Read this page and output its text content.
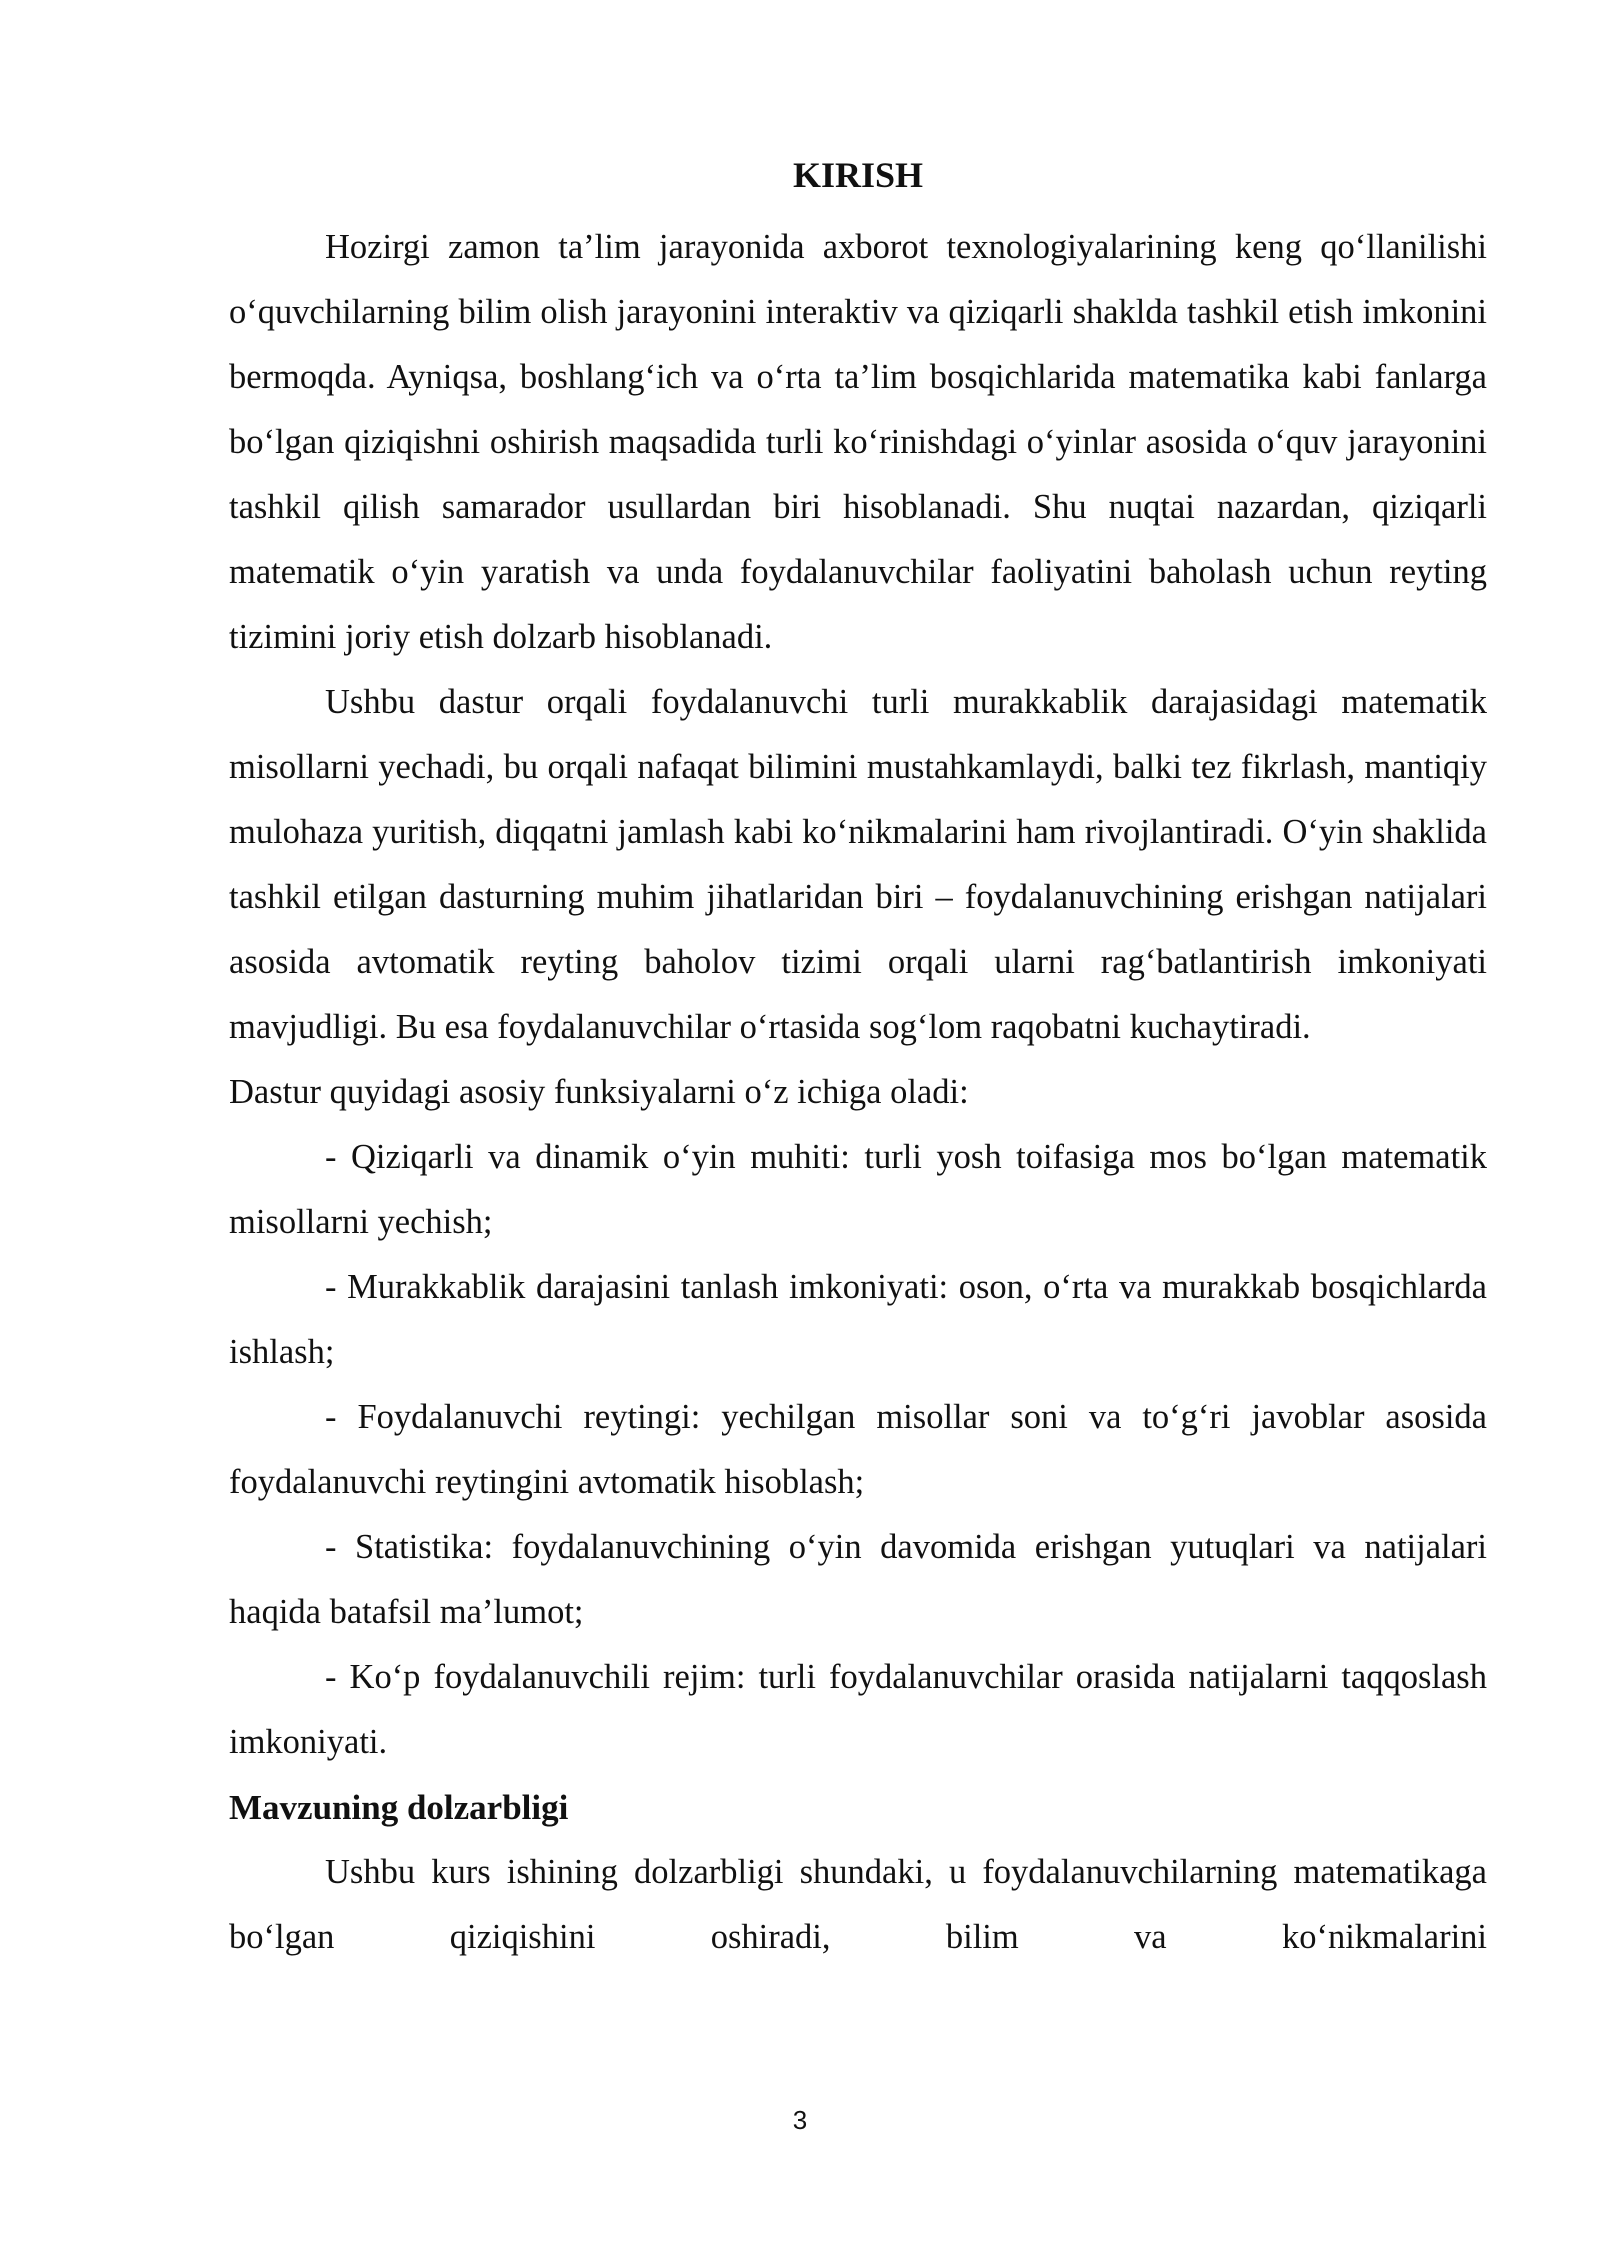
KIRISH

Hozirgi zamon ta’lim jarayonida axborot texnologiyalarining keng qo‘llanilishi o‘quvchilarning bilim olish jarayonini interaktiv va qiziqarli shaklda tashkil etish imkonini bermoqda. Ayniqsa, boshlang‘ich va o‘rta ta’lim bosqichlarida matematika kabi fanlarga bo‘lgan qiziqishni oshirish maqsadida turli ko‘rinishdagi o‘yinlar asosida o‘quv jarayonini tashkil qilish samarador usullardan biri hisoblanadi. Shu nuqtai nazardan, qiziqarli matematik o‘yin yaratish va unda foydalanuvchilar faoliyatini baholash uchun reyting tizimini joriy etish dolzarb hisoblanadi.

Ushbu dastur orqali foydalanuvchi turli murakkablik darajasidagi matematik misollarni yechadi, bu orqali nafaqat bilimini mustahkamlaydi, balki tez fikrlash, mantiqiy mulohaza yuritish, diqqatni jamlash kabi ko‘nikmalarini ham rivojlantiradi. O‘yin shaklida tashkil etilgan dasturning muhim jihatlaridan biri – foydalanuvchining erishgan natijalari asosida avtomatik reyting baholov tizimi orqali ularni rag‘batlantirish imkoniyati mavjudligi. Bu esa foydalanuvchilar o‘rtasida sog‘lom raqobatni kuchaytiradi.

Dastur quyidagi asosiy funksiyalarni o‘z ichiga oladi:

- Qiziqarli va dinamik o‘yin muhiti: turli yosh toifasiga mos bo‘lgan matematik misollarni yechish;

- Murakkablik darajasini tanlash imkoniyati: oson, o‘rta va murakkab bosqichlarda ishlash;

- Foydalanuvchi reytingi: yechilgan misollar soni va to‘g‘ri javoblar asosida foydalanuvchi reytingini avtomatik hisoblash;

- Statistika: foydalanuvchining o‘yin davomida erishgan yutuqlari va natijalari haqida batafsil ma’lumot;

- Ko‘p foydalanuvchili rejim: turli foydalanuvchilar orasida natijalarni taqqoslash imkoniyati.

Mavzuning dolzarbligi

Ushbu kurs ishining dolzarbligi shundaki, u foydalanuvchilarning matematikaga bo‘lgan qiziqishini oshiradi, bilim va ko‘nikmalarini

3
